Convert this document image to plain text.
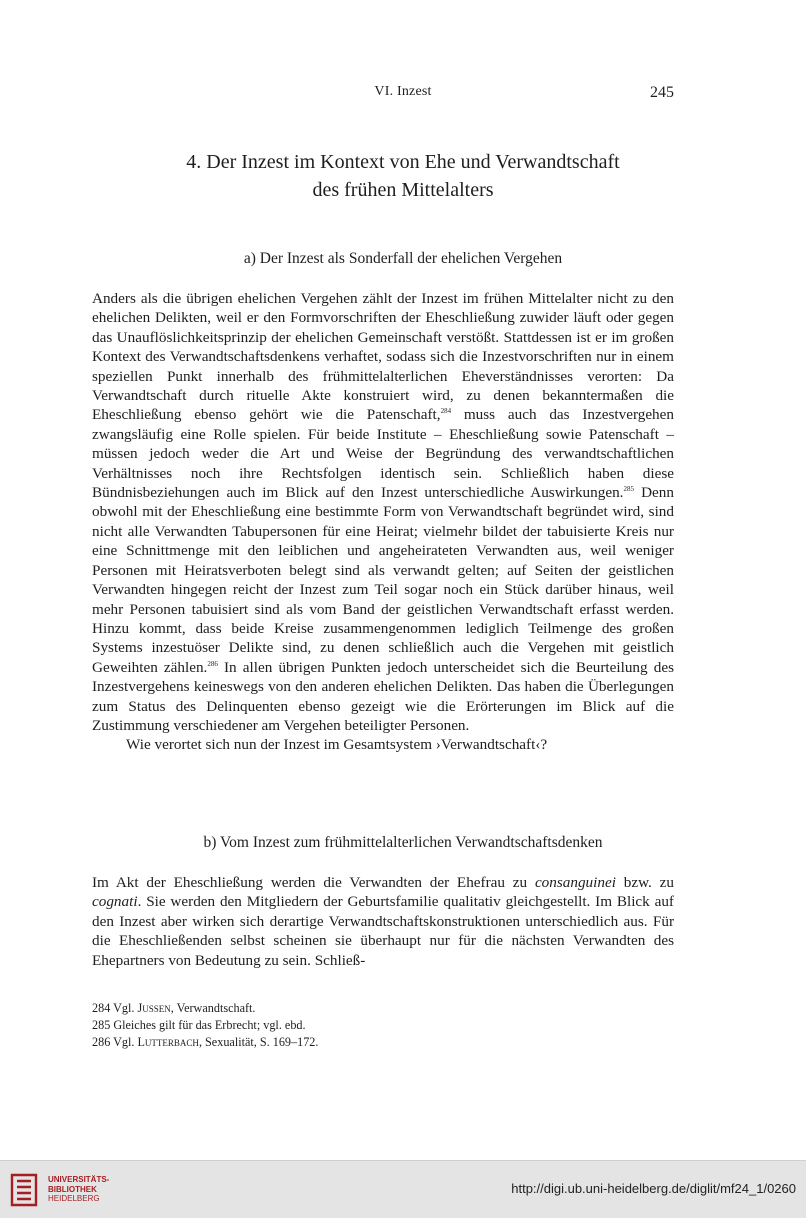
VI. Inzest	245
4. Der Inzest im Kontext von Ehe und Verwandtschaft
des frühen Mittelalters
a) Der Inzest als Sonderfall der ehelichen Vergehen

Anders als die übrigen ehelichen Vergehen zählt der Inzest im frühen Mittelalter nicht zu den ehelichen Delikten, weil er den Formvorschriften der Eheschließung zuwider läuft oder gegen das Unauflöslichkeitsprinzip der ehelichen Gemeinschaft verstößt. Stattdessen ist er im großen Kontext des Verwandtschaftsdenkens verhaftet, sodass sich die Inzestvorschriften nur in einem speziellen Punkt innerhalb des frühmittelalterlichen Eheverständnisses verorten: Da Verwandtschaft durch rituelle Akte konstruiert wird, zu denen bekanntermaßen die Eheschließung ebenso gehört wie die Patenschaft,$^{284}$ muss auch das Inzestvergehen zwangsläufig eine Rolle spielen. Für beide Institute – Eheschließung sowie Patenschaft – müssen jedoch weder die Art und Weise der Begründung des verwandtschaftlichen Verhältnisses noch ihre Rechtsfolgen identisch sein. Schließlich haben diese Bündnisbeziehungen auch im Blick auf den Inzest unterschiedliche Auswirkungen.$^{285}$ Denn obwohl mit der Eheschließung eine bestimmte Form von Verwandtschaft begründet wird, sind nicht alle Verwandten Tabupersonen für eine Heirat; vielmehr bildet der tabuisierte Kreis nur eine Schnittmenge mit den leiblichen und angeheirateten Verwandten aus, weil weniger Personen mit Heiratsverboten belegt sind als verwandt gelten; auf Seiten der geistlichen Verwandten hingegen reicht der Inzest zum Teil sogar noch ein Stück darüber hinaus, weil mehr Personen tabuisiert sind als vom Band der geistlichen Verwandtschaft erfasst werden. Hinzu kommt, dass beide Kreise zusammengenommen lediglich Teilmenge des großen Systems inzestuöser Delikte sind, zu denen schließlich auch die Vergehen mit geistlich Geweihten zählen.$^{286}$ In allen übrigen Punkten jedoch unterscheidet sich die Beurteilung des Inzestvergehens keineswegs von den anderen ehelichen Delikten. Das haben die Überlegungen zum Status des Delinquenten ebenso gezeigt wie die Erörterungen im Blick auf die Zustimmung verschiedener am Vergehen beteiligter Personen.

Wie verortet sich nun der Inzest im Gesamtsystem ›Verwandtschaft‹?

b) Vom Inzest zum frühmittelalterlichen Verwandtschaftsdenken

Im Akt der Eheschließung werden die Verwandten der Ehefrau zu consanguinei bzw. zu cognati. Sie werden den Mitgliedern der Geburtsfamilie qualitativ gleichgestellt. Im Blick auf den Inzest aber wirken sich derartige Verwandtschaftskonstruktionen unterschiedlich aus. Für die Eheschließenden selbst scheinen sie überhaupt nur für die nächsten Verwandten des Ehepartners von Bedeutung zu sein. Schließ-

284 Vgl. Jussen, Verwandtschaft.

285 Gleiches gilt für das Erbrecht; vgl. ebd.

286 Vgl. Lutterbach, Sexualität, S. 169–172.

UNIVERSITÄTS-
BIBLIOTHEK
HEIDELBERG
http://digi.ub.uni-heidelberg.de/diglit/mf24_1/0260
